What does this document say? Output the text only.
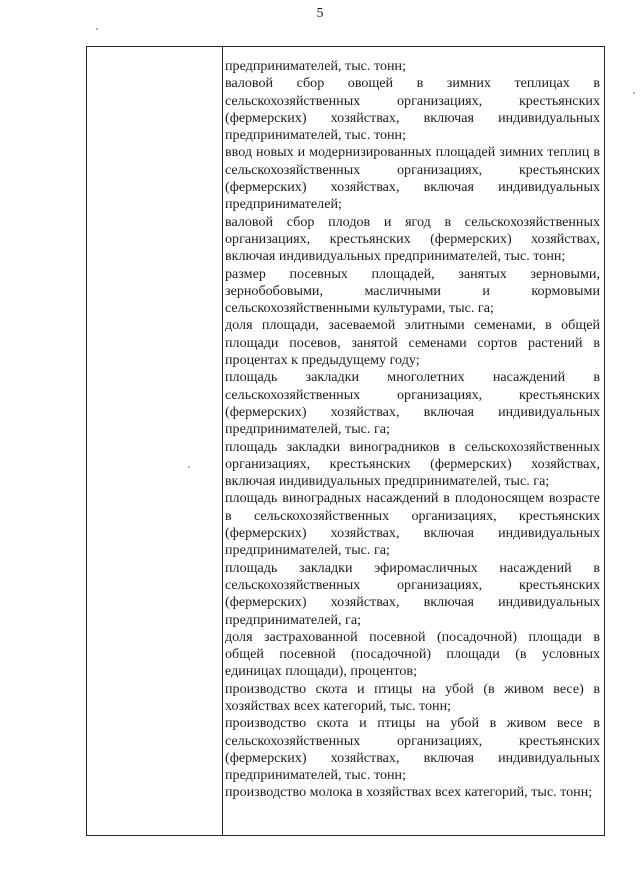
5

предпринимателей, тыс. тонн;

валовой сбор овощей в зимних теплицах в сельскохозяйственных организациях, крестьянских (фермерских) хозяйствах, включая индивидуальных предпринимателей, тыс. тонн;

ввод новых и модернизированных площадей зимних теплиц в сельскохозяйственных организациях, крестьянских (фермерских) хозяйствах, включая индивидуальных предпринимателей;

валовой сбор плодов и ягод в сельскохозяйственных организациях, крестьянских (фермерских) хозяйствах, включая индивидуальных предпринимателей, тыс. тонн;

размер посевных площадей, занятых зерновыми, зернобобовыми, масличными и кормовыми сельскохозяйственными культурами, тыс. га;

доля площади, засеваемой элитными семенами, в общей площади посевов, занятой семенами сортов растений в процентах к предыдущему году;

площадь закладки многолетних насаждений в сельскохозяйственных организациях, крестьянских (фермерских) хозяйствах, включая индивидуальных предпринимателей, тыс. га;

площадь закладки виноградников в сельскохозяйственных организациях, крестьянских (фермерских) хозяйствах, включая индивидуальных предпринимателей, тыс. га;

площадь виноградных насаждений в плодоносящем возрасте в сельскохозяйственных организациях, крестьянских (фермерских) хозяйствах, включая индивидуальных предпринимателей, тыс. га;

площадь закладки эфиромасличных насаждений в сельскохозяйственных организациях, крестьянских (фермерских) хозяйствах, включая индивидуальных предпринимателей, га;

доля застрахованной посевной (посадочной) площади в общей посевной (посадочной) площади (в условных единицах площади), процентов;

производство скота и птицы на убой (в живом весе) в хозяйствах всех категорий, тыс. тонн;

производство скота и птицы на убой в живом весе в сельскохозяйственных организациях, крестьянских (фермерских) хозяйствах, включая индивидуальных предпринимателей, тыс. тонн;

производство молока в хозяйствах всех категорий, тыс. тонн;
